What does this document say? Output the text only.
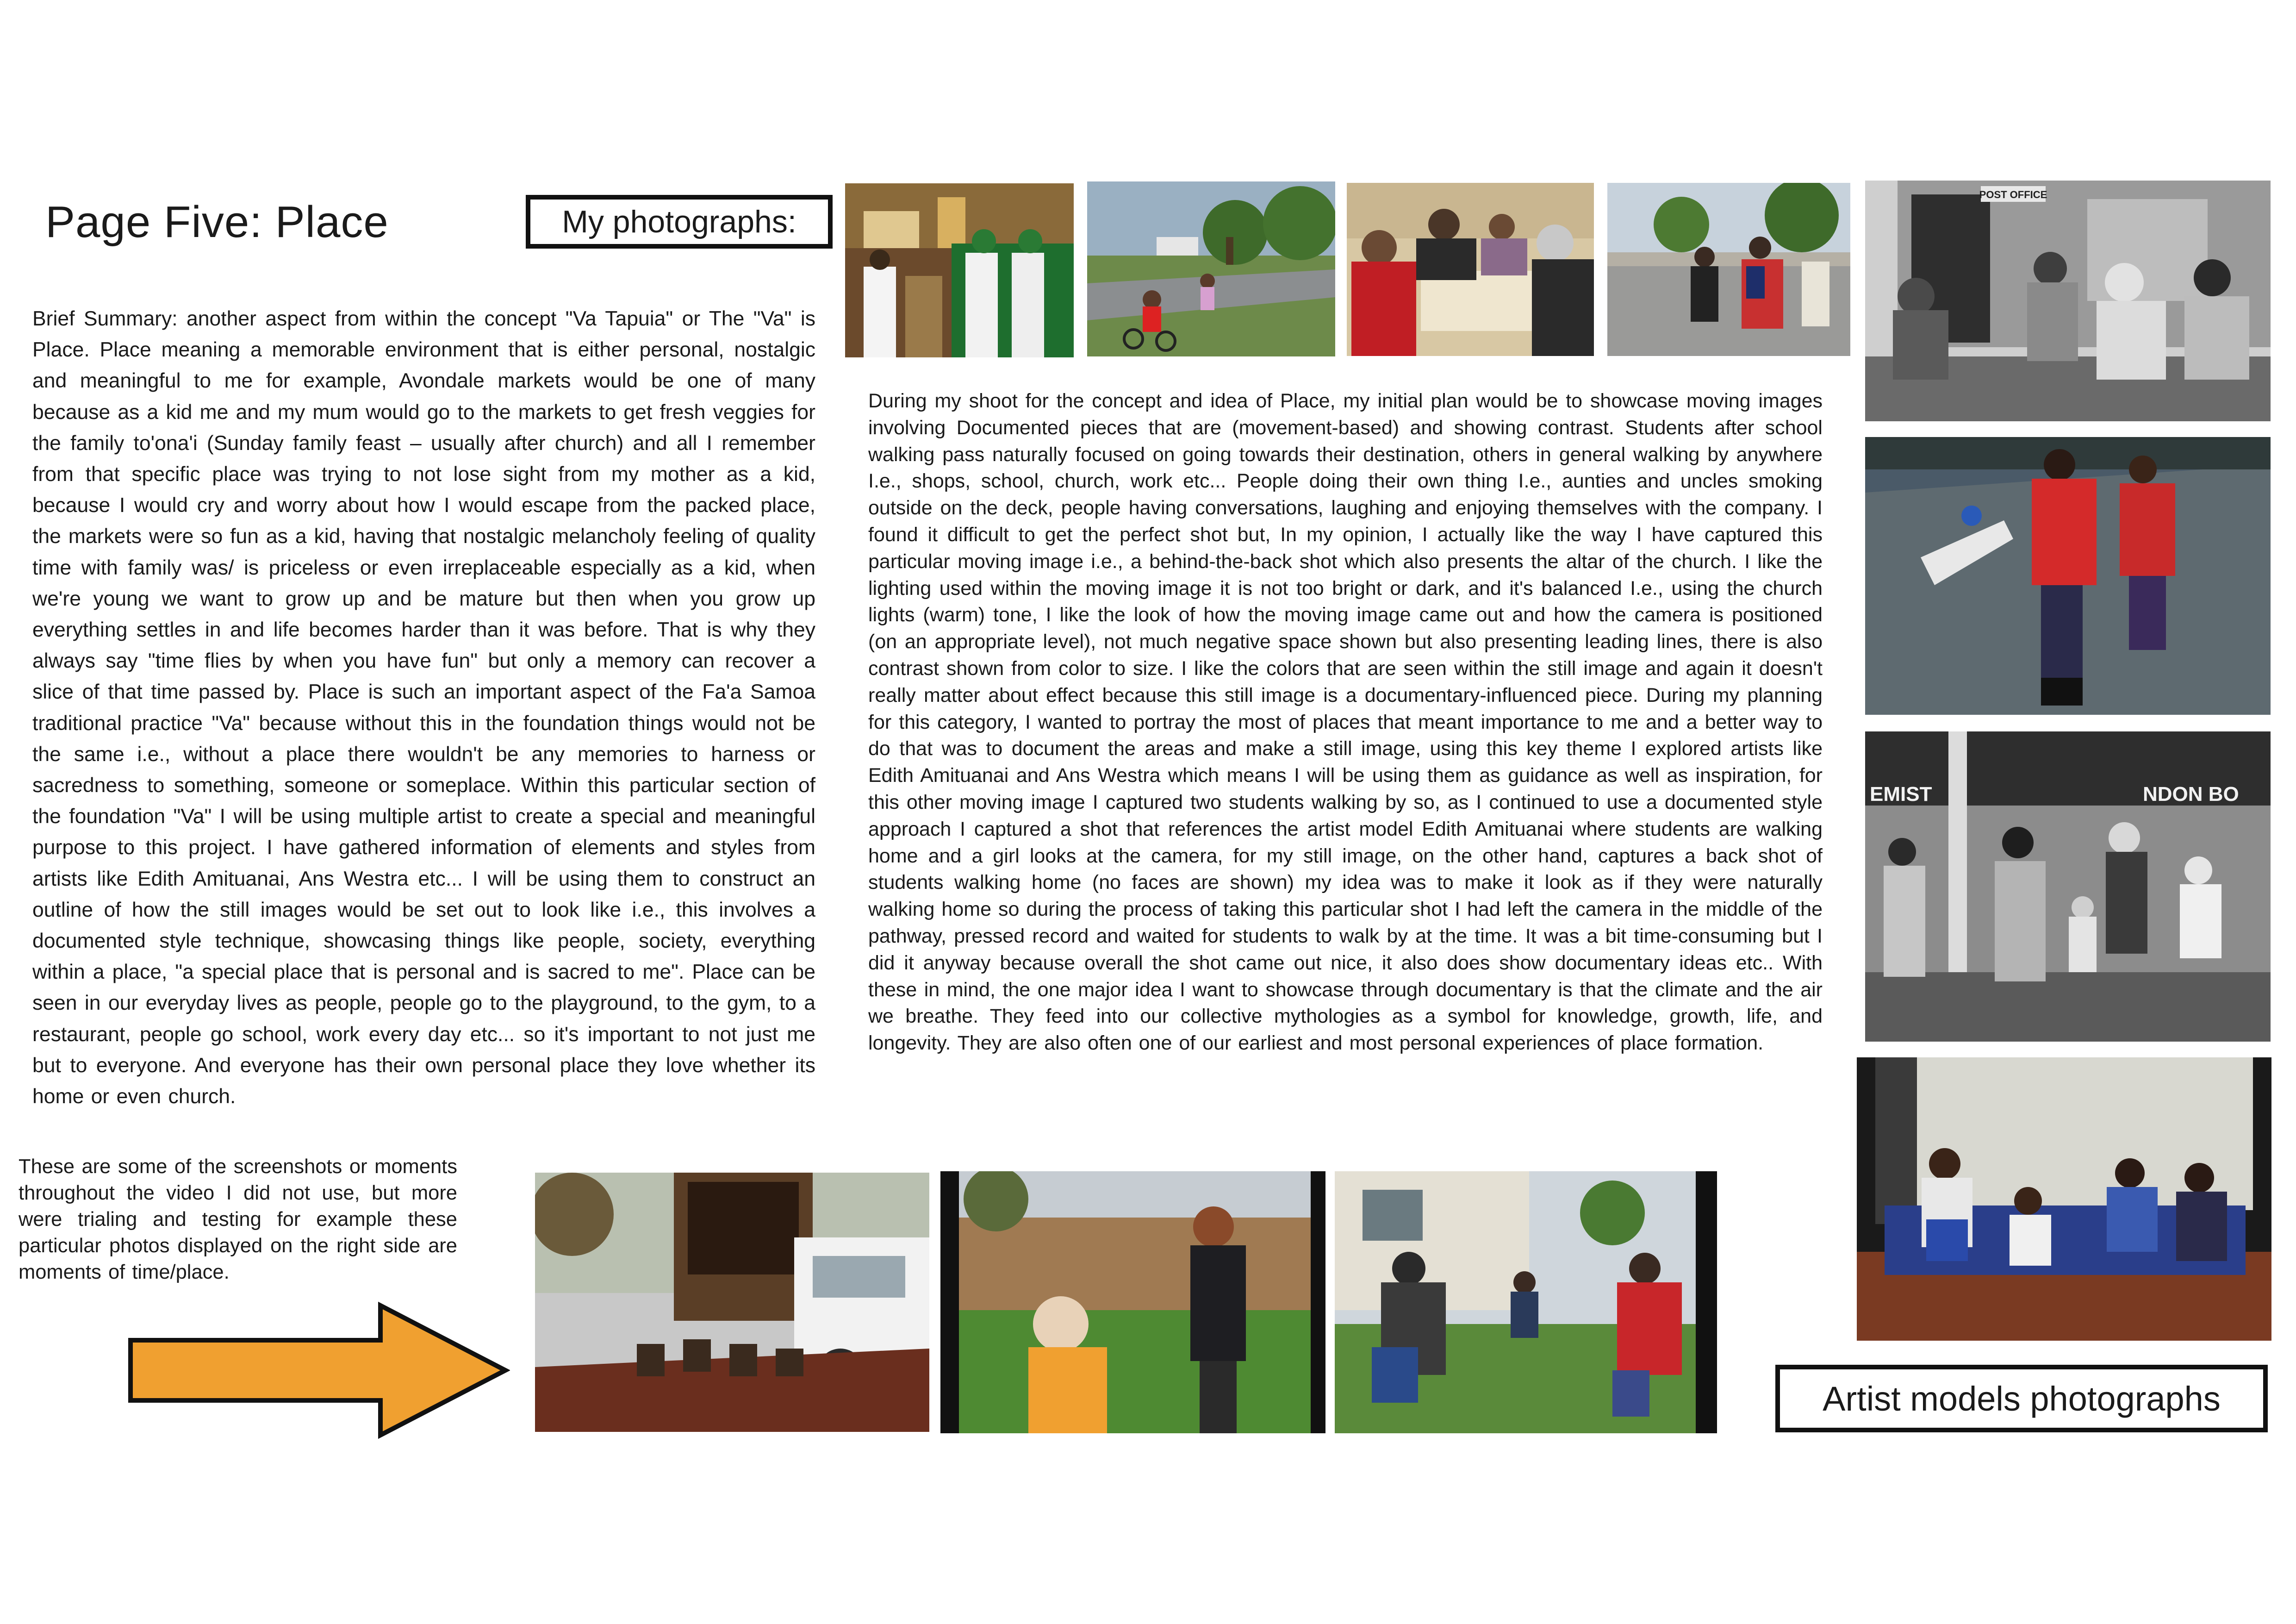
Page Five: Place	My photographs:
Brief Summary: another aspect from within the concept "Va Tapuia" or The "Va" is Place. Place meaning a memorable environment that is either personal, nostalgic and meaningful to me for example, Avondale markets would be one of many because as a kid me and my mum would go to the markets to get fresh veggies for the family to'ona'i (Sunday family feast – usually after church) and all I remember from that specific place was trying to not lose sight from my mother as a kid, because I would cry and worry about how I would escape from the packed place, the markets were so fun as a kid, having that nostalgic melancholy feeling of quality time with family was/ is priceless or even irreplaceable especially as a kid, when we're young we want to grow up and be mature but then when you grow up everything settles in and life becomes harder than it was before. That is why they always say "time flies by when you have fun" but only a memory can recover a slice of that time passed by. Place is such an important aspect of the Fa'a Samoa traditional practice "Va" because without this in the foundation things would not be the same i.e., without a place there wouldn't be any memories to harness or sacredness to something, someone or someplace. Within this particular section of the foundation "Va" I will be using multiple artist to create a special and meaningful purpose to this project. I have gathered information of elements and styles from artists like Edith Amituanai, Ans Westra etc... I will be using them to construct an outline of how the still images would be set out to look like i.e., this involves a documented style technique, showcasing things like people, society, everything within a place, "a special place that is personal and is sacred to me". Place can be seen in our everyday lives as people, people go to the playground, to the gym, to a restaurant, people go school, work every day etc... so it's important to not just me but to everyone. And everyone has their own personal place they love whether its home or even church.
During my shoot for the concept and idea of Place, my initial plan would be to showcase moving images involving Documented pieces that are (movement-based) and showing contrast. Students after school walking pass naturally focused on going towards their destination, others in general walking by anywhere I.e., shops, school, church, work etc... People doing their own thing I.e., aunties and uncles smoking outside on the deck, people having conversations, laughing and enjoying themselves with the company. I found it difficult to get the perfect shot but, In my opinion, I actually like the way I have captured this particular moving image i.e., a behind-the-back shot which also presents the altar of the church. I like the lighting used within the moving image it is not too bright or dark, and it's balanced I.e., using the church lights (warm) tone, I like the look of how the moving image came out and how the camera is positioned (on an appropriate level), not much negative space shown but also presenting leading lines, there is also contrast shown from color to size. I like the colors that are seen within the still image and again it doesn't really matter about effect because this still image is a documentary-influenced piece. During my planning for this category, I wanted to portray the most of places that meant importance to me and a better way to do that was to document the areas and make a still image, using this key theme I explored artists like Edith Amituanai and Ans Westra which means I will be using them as guidance as well as inspiration, for this other moving image I captured two students walking by so, as I continued to use a documented style approach I captured a shot that references the artist model Edith Amituanai where students are walking home and a girl looks at the camera, for my still image, on the other hand, captures a back shot of students walking home (no faces are shown) my idea was to make it look as if they were naturally walking home so during the process of taking this particular shot I had left the camera in the middle of the pathway, pressed record and waited for students to walk by at the time. It was a bit time-consuming but I did it anyway because overall the shot came out nice, it also does show documentary ideas etc.. With these in mind, the one major idea I want to showcase through documentary is that the climate and the air we breathe. They feed into our collective mythologies as a symbol for knowledge, growth, life, and longevity. They are also often one of our earliest and most personal experiences of place formation.
These are some of the screenshots or moments throughout the video I did not use, but more were trialing and testing for example these particular photos displayed on the right side are moments of time/place.
POST OFFICE
EMIST	NDON BO
Artist models photographs
